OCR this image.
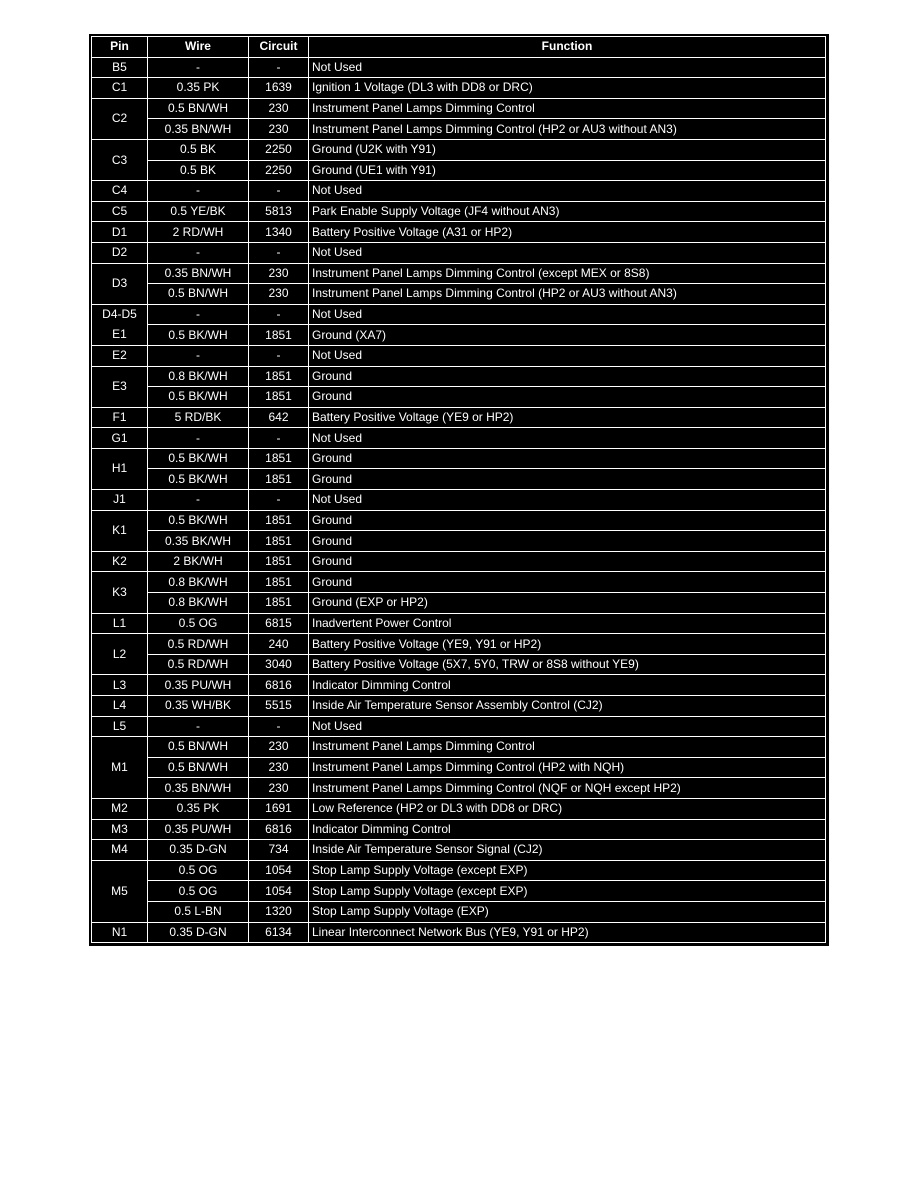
Pin	Wire	Circuit	Function
B5	-	-	Not Used
C1	0.35 PK	1639	Ignition 1 Voltage (DL3 with DD8 or DRC)
C2	0.5 BN/WH	230	Instrument Panel Lamps Dimming Control
	0.35 BN/WH	230	Instrument Panel Lamps Dimming Control (HP2 or AU3 without AN3)
C3	0.5 BK	2250	Ground (U2K with Y91)
	0.5 BK	2250	Ground (UE1 with Y91)
C4	-	-	Not Used
C5	0.5 YE/BK	5813	Park Enable Supply Voltage (JF4 without AN3)
D1	2 RD/WH	1340	Battery Positive Voltage (A31 or HP2)
D2	-	-	Not Used
D3	0.35 BN/WH	230	Instrument Panel Lamps Dimming Control (except MEX or 8S8)
	0.5 BN/WH	230	Instrument Panel Lamps Dimming Control (HP2 or AU3 without AN3)
D4-D5	-	-	Not Used
E1	0.5 BK/WH	1851	Ground (XA7)
E2	-	-	Not Used
E3	0.8 BK/WH	1851	Ground
	0.5 BK/WH	1851	Ground
F1	5 RD/BK	642	Battery Positive Voltage (YE9 or HP2)
G1	-	-	Not Used
H1	0.5 BK/WH	1851	Ground
	0.5 BK/WH	1851	Ground
J1	-	-	Not Used
K1	0.5 BK/WH	1851	Ground
	0.35 BK/WH	1851	Ground
K2	2 BK/WH	1851	Ground
K3	0.8 BK/WH	1851	Ground
	0.8 BK/WH	1851	Ground (EXP or HP2)
L1	0.5 OG	6815	Inadvertent Power Control
L2	0.5 RD/WH	240	Battery Positive Voltage (YE9, Y91 or HP2)
	0.5 RD/WH	3040	Battery Positive Voltage (5X7, 5Y0, TRW or 8S8 without YE9)
L3	0.35 PU/WH	6816	Indicator Dimming Control
L4	0.35 WH/BK	5515	Inside Air Temperature Sensor Assembly Control (CJ2)
L5	-	-	Not Used
M1	0.5 BN/WH	230	Instrument Panel Lamps Dimming Control
	0.5 BN/WH	230	Instrument Panel Lamps Dimming Control (HP2 with NQH)
	0.35 BN/WH	230	Instrument Panel Lamps Dimming Control (NQF or NQH except HP2)
M2	0.35 PK	1691	Low Reference (HP2 or DL3 with DD8 or DRC)
M3	0.35 PU/WH	6816	Indicator Dimming Control
M4	0.35 D-GN	734	Inside Air Temperature Sensor Signal (CJ2)
M5	0.5 OG	1054	Stop Lamp Supply Voltage (except EXP)
	0.5 OG	1054	Stop Lamp Supply Voltage (except EXP)
	0.5 L-BN	1320	Stop Lamp Supply Voltage (EXP)
N1	0.35 D-GN	6134	Linear Interconnect Network Bus (YE9, Y91 or HP2)
